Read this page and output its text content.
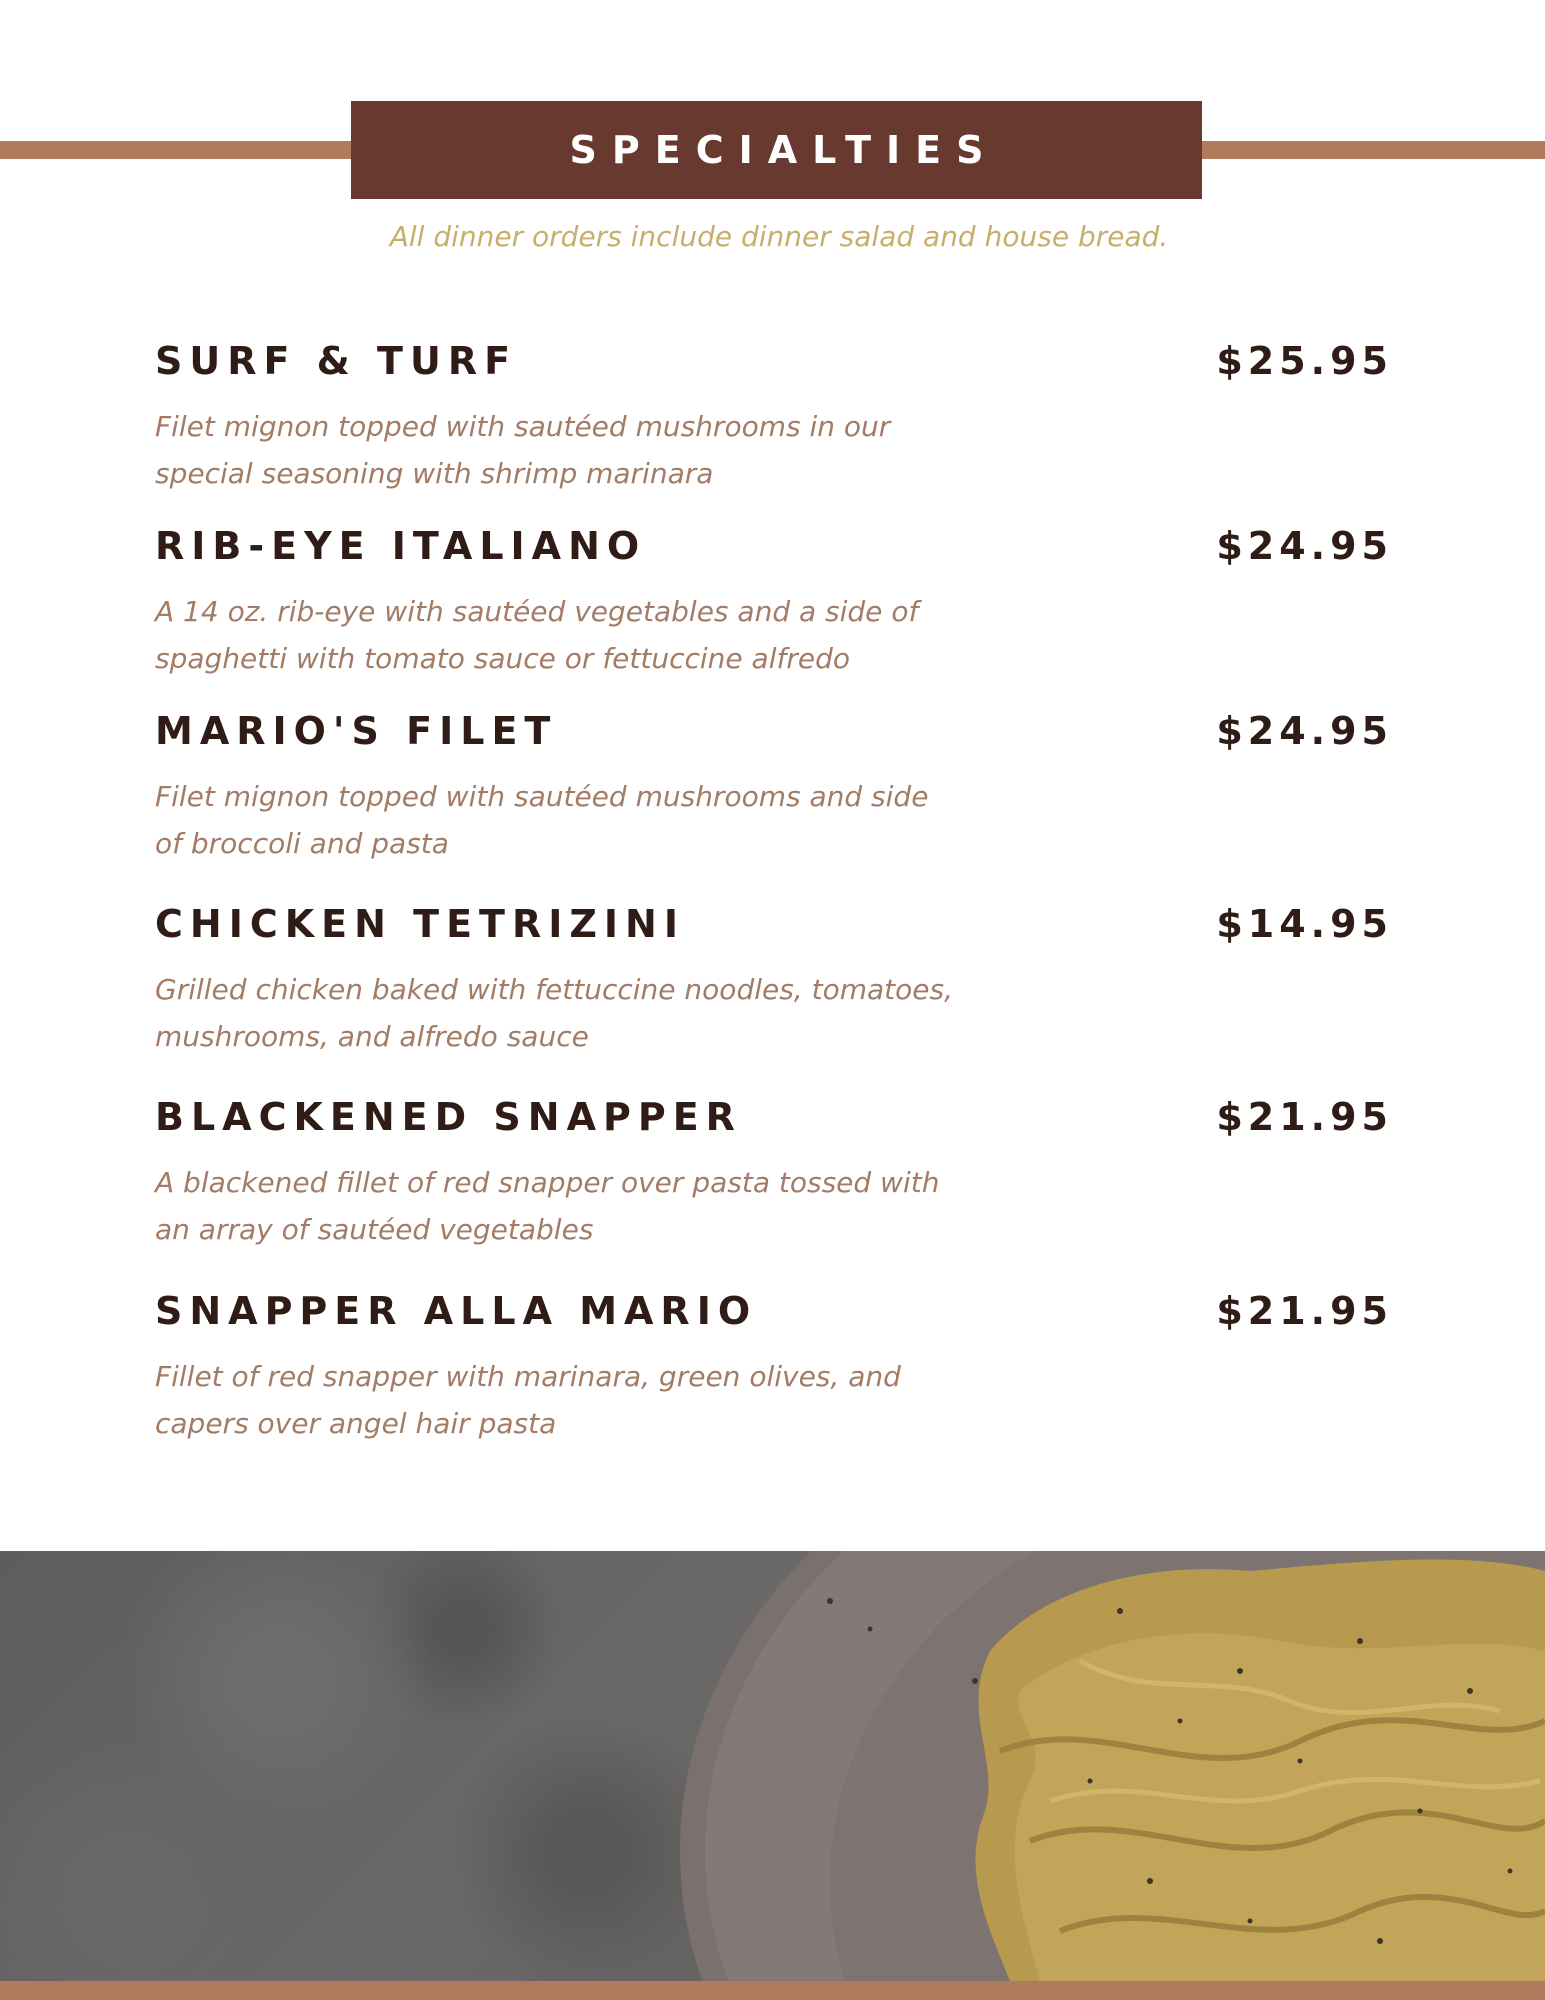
SPECIALTIES
All dinner orders include dinner salad and house bread.
SURF & TURF	$25.95
Filet mignon topped with sautéed mushrooms in our special seasoning with shrimp marinara
RIB-EYE ITALIANO	$24.95
A 14 oz. rib-eye with sautéed vegetables and a side of spaghetti with tomato sauce or fettuccine alfredo
MARIO'S FILET	$24.95
Filet mignon topped with sautéed mushrooms and side of broccoli and pasta
CHICKEN TETRIZINI	$14.95
Grilled chicken baked with fettuccine noodles, tomatoes, mushrooms, and alfredo sauce
BLACKENED SNAPPER	$21.95
A blackened fillet of red snapper over pasta tossed with an array of sautéed vegetables
SNAPPER ALLA MARIO	$21.95
Fillet of red snapper with marinara, green olives, and capers over angel hair pasta
